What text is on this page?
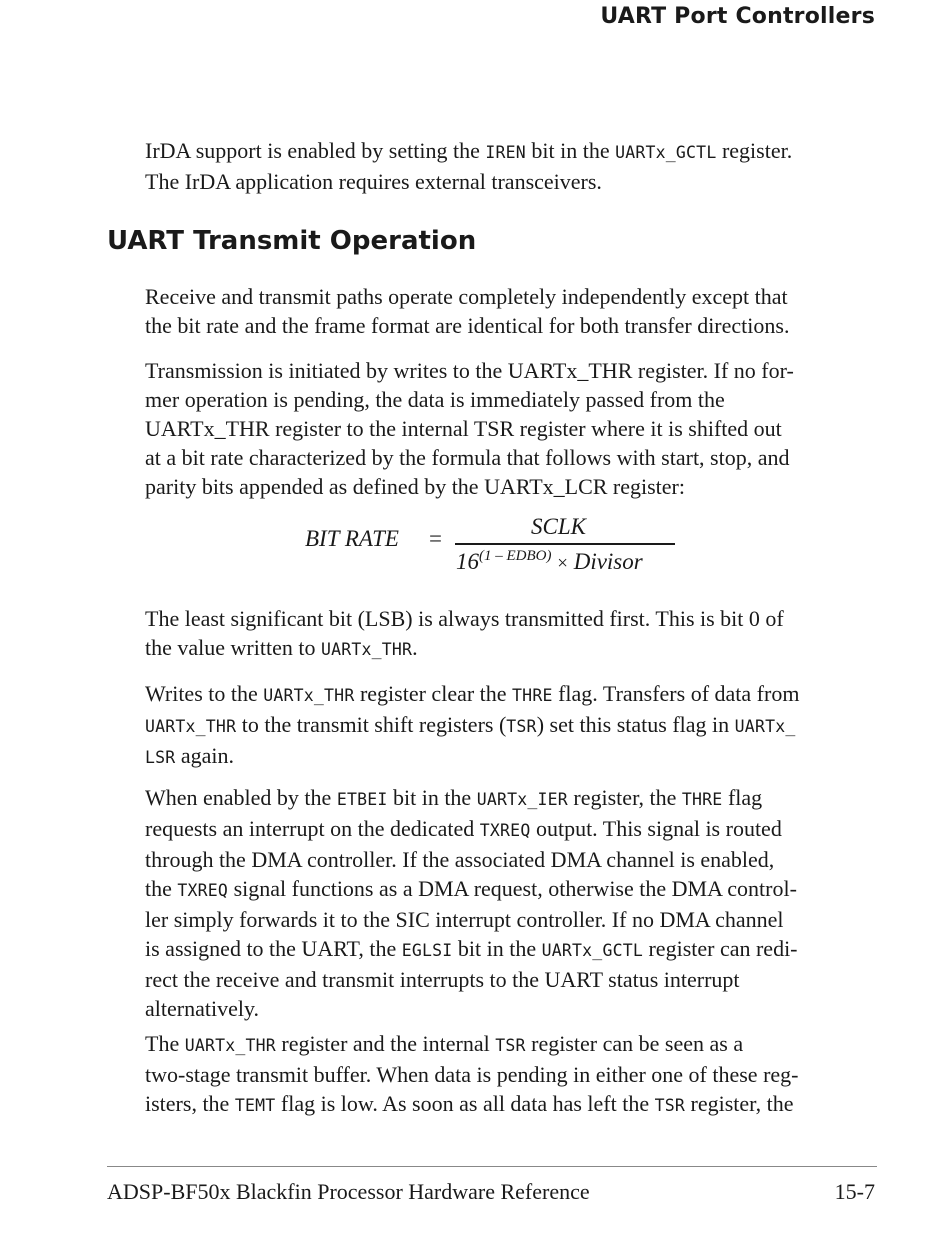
UART Port Controllers
IrDA support is enabled by setting the IREN bit in the UARTx_GCTL register.
The IrDA application requires external transceivers.
UART Transmit Operation
Receive and transmit paths operate completely independently except that
the bit rate and the frame format are identical for both transfer directions.
Transmission is initiated by writes to the UARTx_THR register. If no for-
mer operation is pending, the data is immediately passed from the
UARTx_THR register to the internal TSR register where it is shifted out
at a bit rate characterized by the formula that follows with start, stop, and
parity bits appended as defined by the UARTx_LCR register:
BIT RATE =	SCLK
$16^{(1 - EDBO)}$ × Divisor
The least significant bit (LSB) is always transmitted first. This is bit 0 of
the value written to UARTx_THR.
Writes to the UARTx_THR register clear the THRE flag. Transfers of data from
UARTx_THR to the transmit shift registers (TSR) set this status flag in UARTx_
LSR again.
When enabled by the ETBEI bit in the UARTx_IER register, the THRE flag
requests an interrupt on the dedicated TXREQ output. This signal is routed
through the DMA controller. If the associated DMA channel is enabled,
the TXREQ signal functions as a DMA request, otherwise the DMA control-
ler simply forwards it to the SIC interrupt controller. If no DMA channel
is assigned to the UART, the EGLSI bit in the UARTx_GCTL register can redi-
rect the receive and transmit interrupts to the UART status interrupt
alternatively.
The UARTx_THR register and the internal TSR register can be seen as a
two-stage transmit buffer. When data is pending in either one of these reg-
isters, the TEMT flag is low. As soon as all data has left the TSR register, the
ADSP-BF50x Blackfin Processor Hardware Reference	15-7
